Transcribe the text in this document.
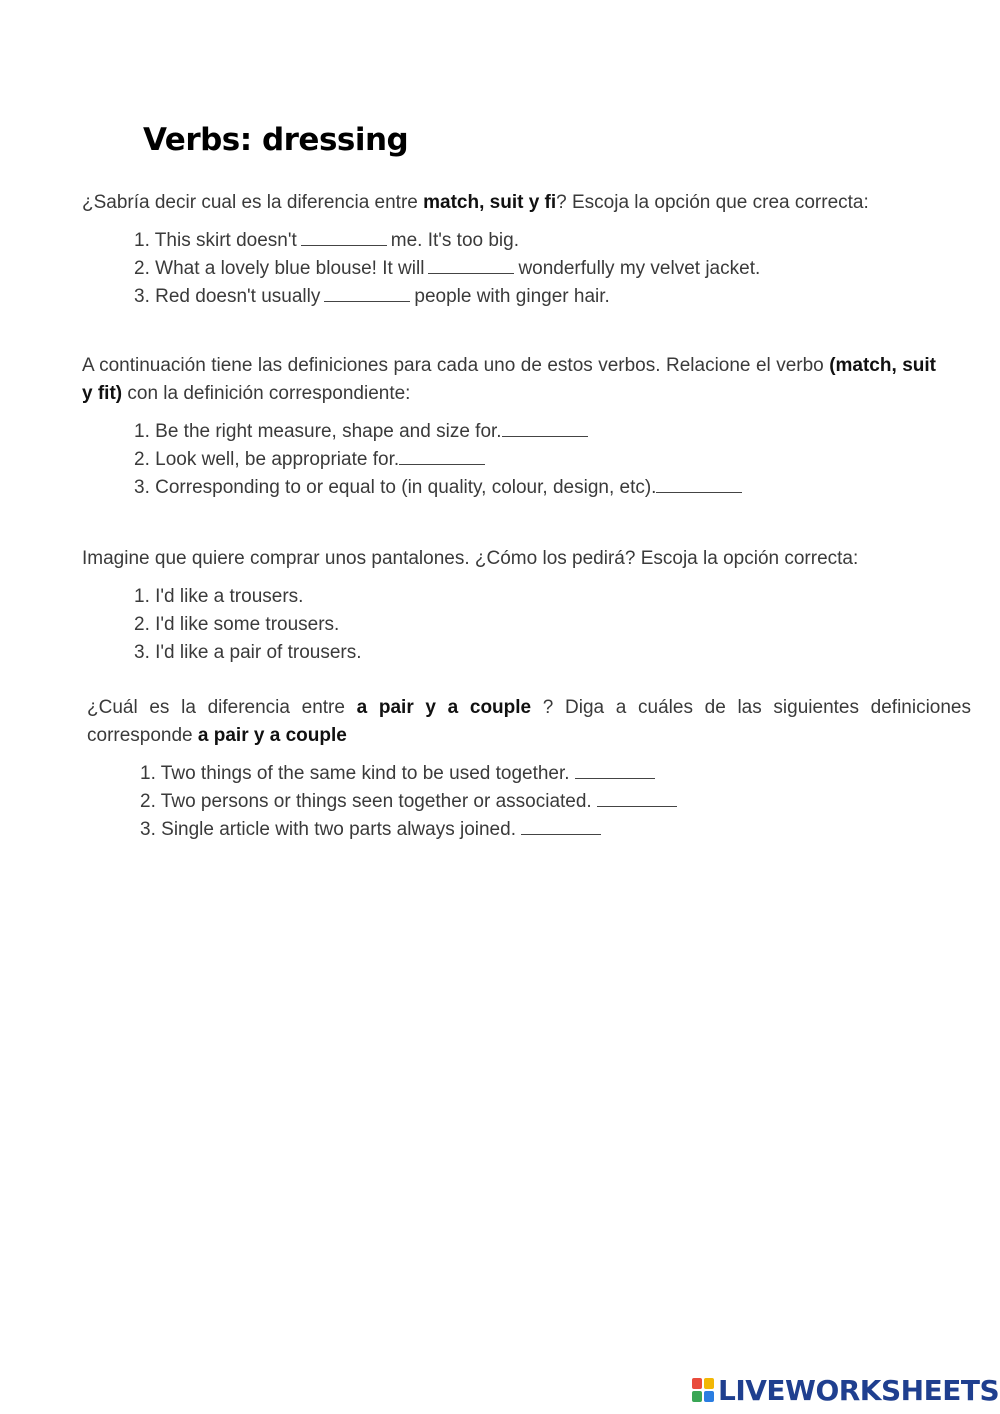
Verbs: dressing

¿Sabría decir cual es la diferencia entre match, suit y fi? Escoja la opción que crea correcta:

1. This skirt doesn't	me. It's too big.
2. What a lovely blue blouse! It will	wonderfully my velvet jacket.
3. Red doesn't usually	people with ginger hair.

A continuación tiene las definiciones para cada uno de estos verbos. Relacione el verbo (match, suit y fit) con la definición correspondiente:

1. Be the right measure, shape and size for.
2. Look well, be appropriate for.
3. Corresponding to or equal to (in quality, colour, design, etc).

Imagine que quiere comprar unos pantalones. ¿Cómo los pedirá? Escoja la opción correcta:

1. I'd like a trousers.
2. I'd like some trousers.
3. I'd like a pair of trousers.

¿Cuál es la diferencia entre a pair y a couple ? Diga a cuáles de las siguientes definiciones corresponde a pair y a couple

1. Two things of the same kind to be used together.
2. Two persons or things seen together or associated.
3. Single article with two parts always joined.
LIVEWORKSHEETS
